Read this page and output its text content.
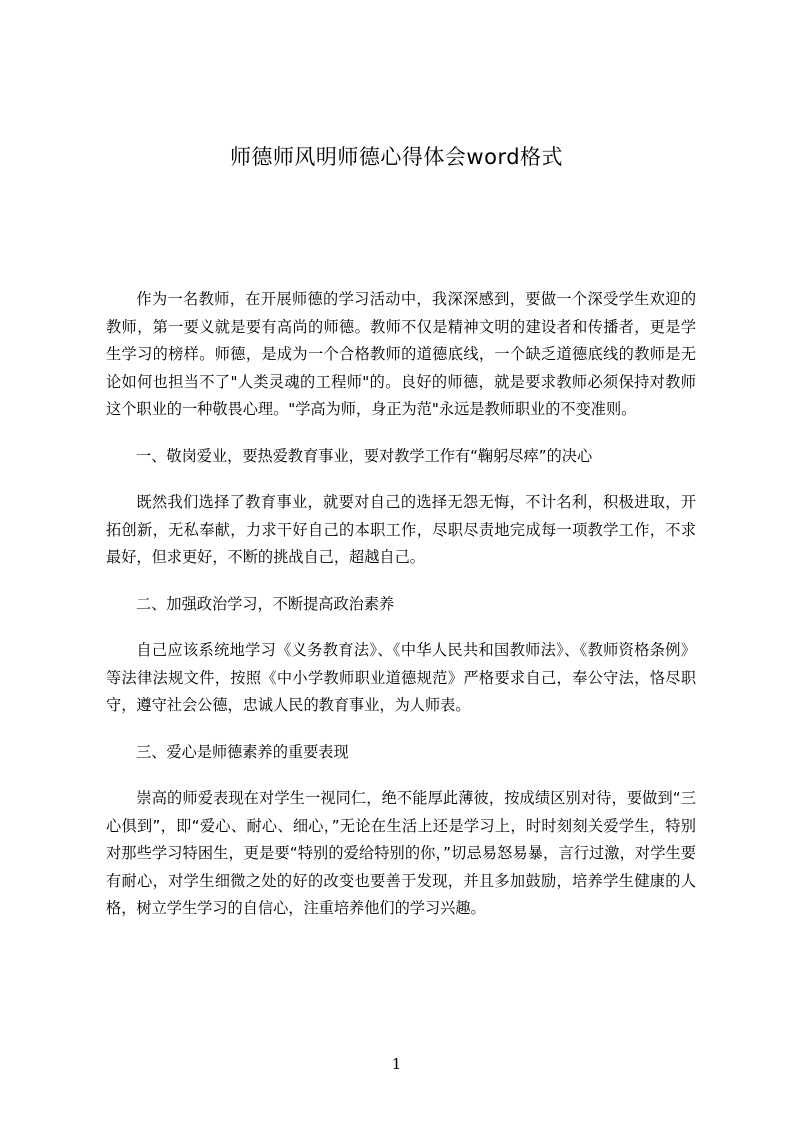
师德师风明师德心得体会word格式

作为一名教师，在开展师德的学习活动中，我深深感到，要做一个深受学生欢迎的教师，第一要义就是要有高尚的师德。教师不仅是精神文明的建设者和传播者，更是学生学习的榜样。师德，是成为一个合格教师的道德底线，一个缺乏道德底线的教师是无论如何也担当不了"人类灵魂的工程师"的。良好的师德，就是要求教师必须保持对教师这个职业的一种敬畏心理。"学高为师，身正为范"永远是教师职业的不变准则。

一、敬岗爱业，要热爱教育事业，要对教学工作有“鞠躬尽瘁”的决心

既然我们选择了教育事业，就要对自己的选择无怨无悔，不计名利，积极进取，开拓创新，无私奉献，力求干好自己的本职工作，尽职尽责地完成每一项教学工作，不求最好，但求更好，不断的挑战自己，超越自己。

二、加强政治学习，不断提高政治素养

自己应该系统地学习《义务教育法》、《中华人民共和国教师法》、《教师资格条例》等法律法规文件，按照《中小学教师职业道德规范》严格要求自己，奉公守法，恪尽职守，遵守社会公德，忠诚人民的教育事业，为人师表。

三、爱心是师德素养的重要表现

崇高的师爱表现在对学生一视同仁，绝不能厚此薄彼，按成绩区别对待，要做到“三心俱到”，即“爱心、耐心、细心，”无论在生活上还是学习上，时时刻刻关爱学生，特别对那些学习特困生，更是要“特别的爱给特别的你，”切忌易怒易暴，言行过激，对学生要有耐心，对学生细微之处的好的改变也要善于发现，并且多加鼓励，培养学生健康的人格，树立学生学习的自信心，注重培养他们的学习兴趣。

1
